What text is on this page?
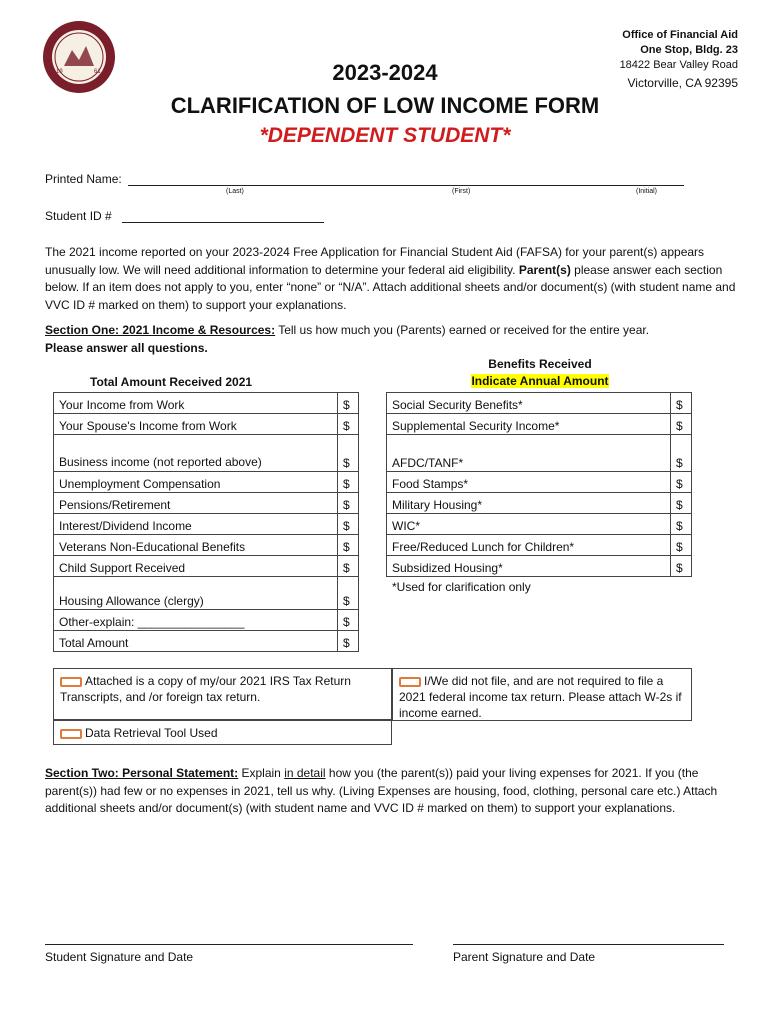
19	61
Office of Financial Aid
One Stop, Bldg. 23
18422 Bear Valley Road
Victorville, CA 92395
2023-2024
CLARIFICATION OF LOW INCOME FORM
*DEPENDENT STUDENT*
Printed Name:
(Last)	(First)	(Initial)
Student ID #
The 2021 income reported on your 2023-2024 Free Application for Financial Student Aid (FAFSA) for your parent(s) appears unusually low. We will need additional information to determine your federal aid eligibility. Parent(s) please answer each section below. If an item does not apply to you, enter “none” or “N/A”. Attach additional sheets and/or document(s) (with student name and VVC ID # marked on them) to support your explanations.
Section One: 2021 Income & Resources: Tell us how much you (Parents) earned or received for the entire year.
Please answer all questions.
Total Amount Received 2021
Benefits Received
Indicate Annual Amount
Your Income from Work	$
Your Spouse's Income from Work	$
Business income (not reported above)	$
Unemployment Compensation	$
Pensions/Retirement	$
Interest/Dividend Income	$
Veterans Non-Educational Benefits	$
Child Support Received	$
Housing Allowance (clergy)	$
Other-explain: ________________	$
Total Amount	$
Social Security Benefits*	$
Supplemental Security Income*	$
AFDC/TANF*	$
Food Stamps*	$
Military Housing*	$
WIC*	$
Free/Reduced Lunch for Children*	$
Subsidized Housing*	$
*Used for clarification only
Attached is a copy of my/our 2021 IRS Tax Return Transcripts, and /or foreign tax return.
I/We did not file, and are not required to file a 2021 federal income tax return. Please attach W-2s if income earned.
Data Retrieval Tool Used
Section Two: Personal Statement: Explain in detail how you (the parent(s)) paid your living expenses for 2021. If you (the parent(s)) had few or no expenses in 2021, tell us why. (Living Expenses are housing, food, clothing, personal care etc.) Attach additional sheets and/or document(s) (with student name and VVC ID # marked on them) to support your explanations.
Student Signature and Date	Parent Signature and Date
